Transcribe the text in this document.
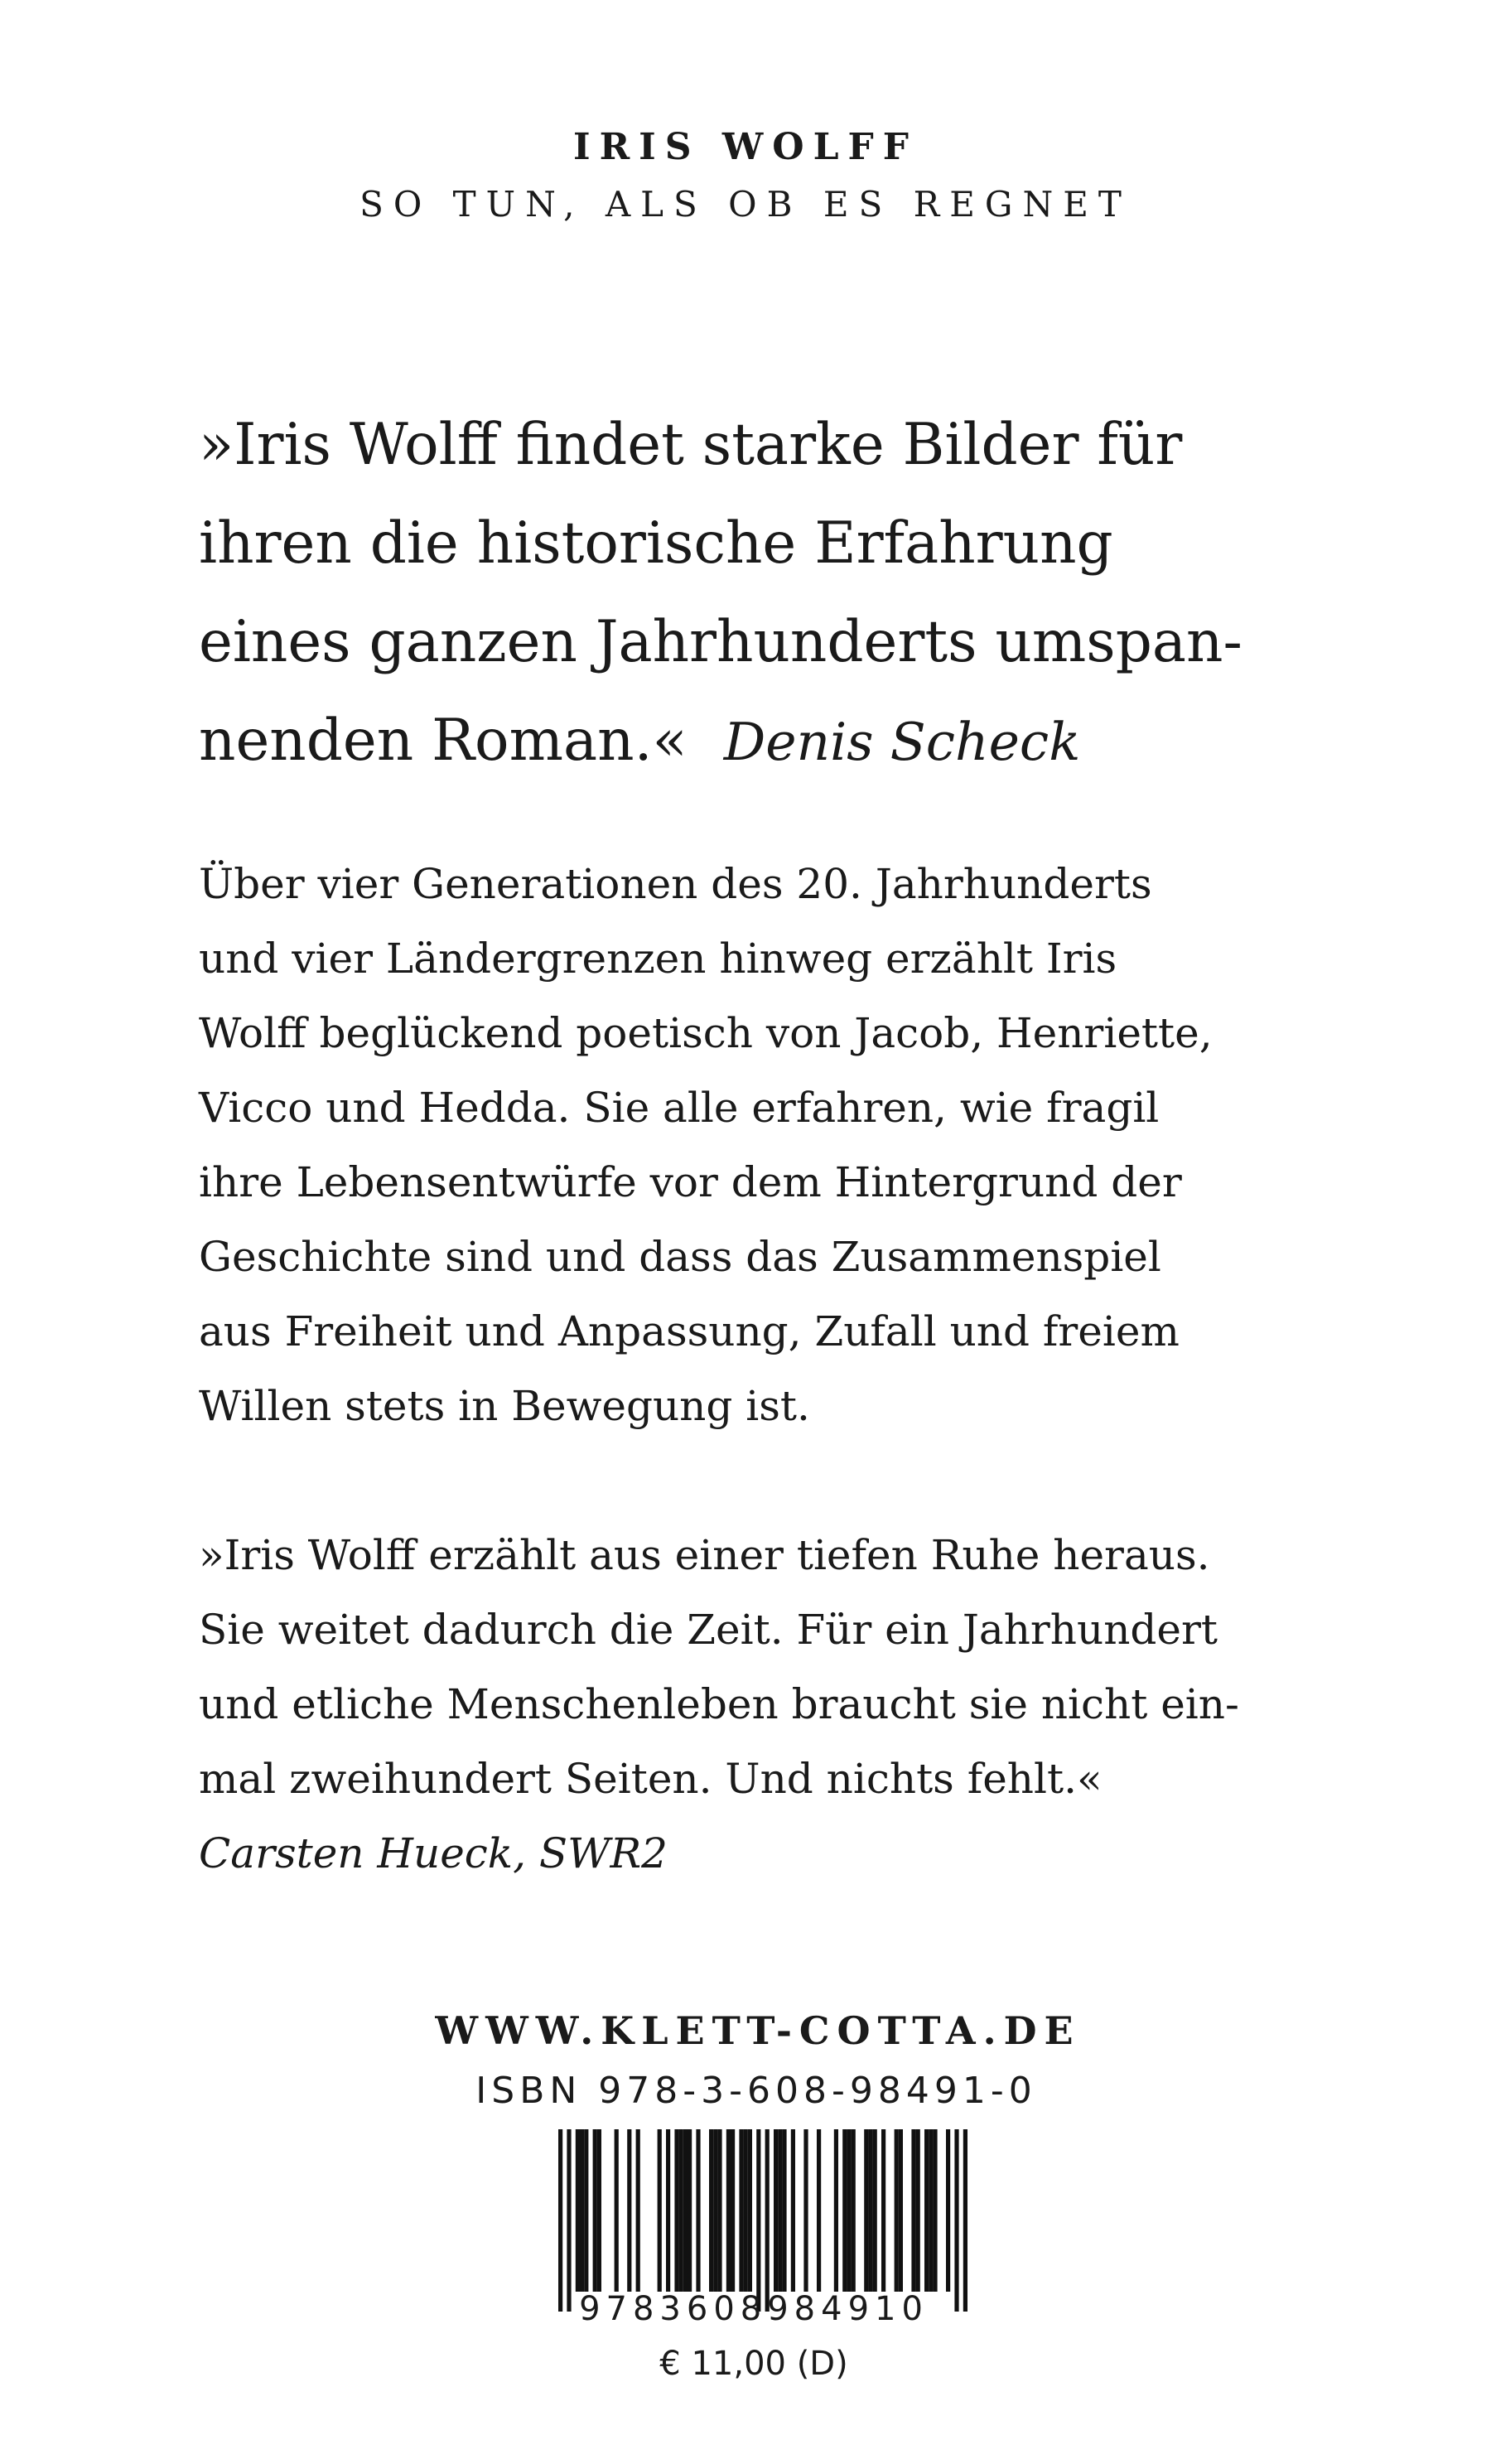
IRIS WOLFF
SO TUN, ALS OB ES REGNET
»Iris Wolff findet starke Bilder für
ihren die historische Erfahrung
eines ganzen Jahrhunderts umspan-
nenden Roman.« Denis Scheck
Über vier Generationen des 20. Jahrhunderts
und vier Ländergrenzen hinweg erzählt Iris
Wolff beglückend poetisch von Jacob, Henriette,
Vicco und Hedda. Sie alle erfahren, wie fragil
ihre Lebensentwürfe vor dem Hintergrund der
Geschichte sind und dass das Zusammenspiel
aus Freiheit und Anpassung, Zufall und freiem
Willen stets in Bewegung ist.
»Iris Wolff erzählt aus einer tiefen Ruhe heraus.
Sie weitet dadurch die Zeit. Für ein Jahrhundert
und etliche Menschenleben braucht sie nicht ein-
mal zweihundert Seiten. Und nichts fehlt.«
Carsten Hueck, SWR2
WWW.KLETT-COTTA.DE
ISBN 978-3-608-98491-0
9783608984910
€ 11,00 (D)
